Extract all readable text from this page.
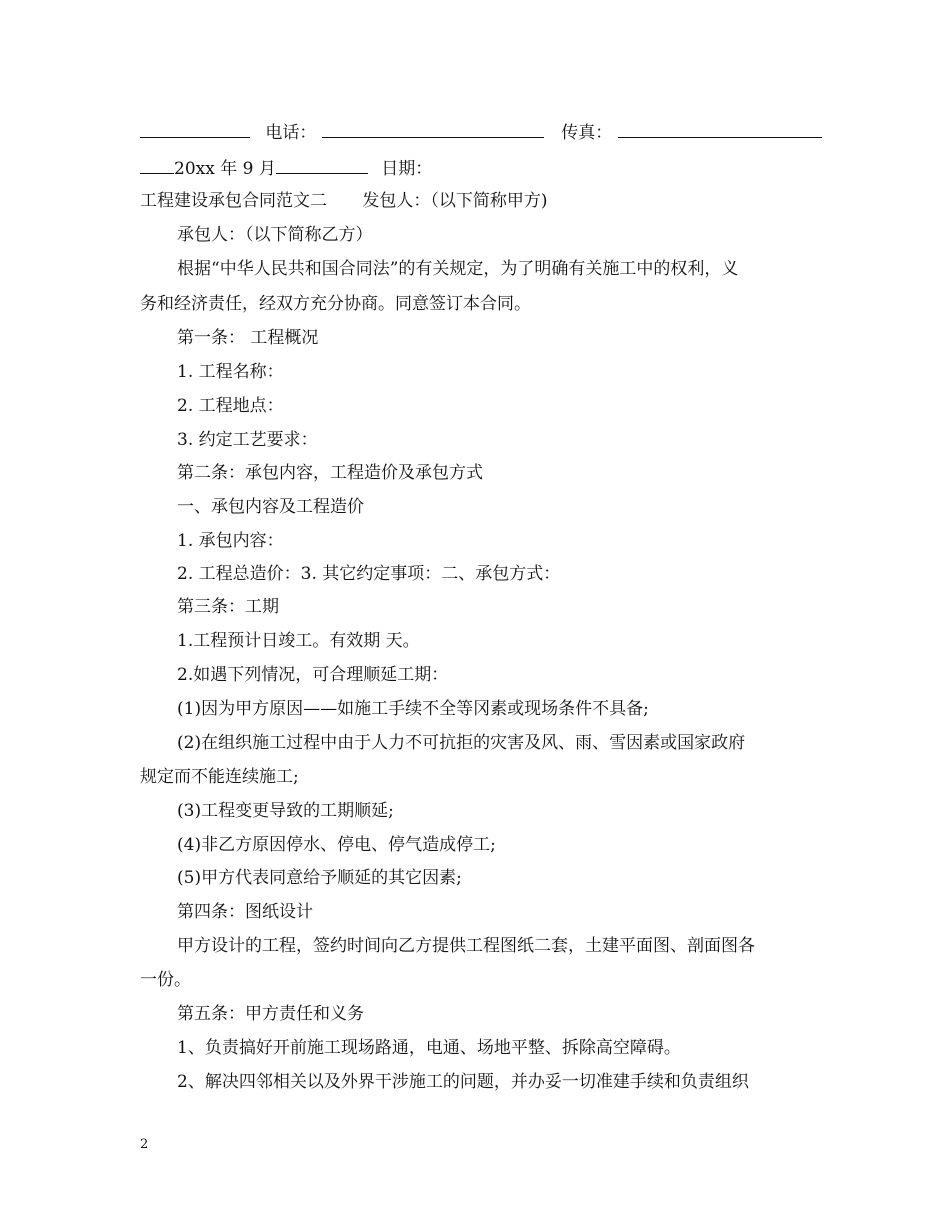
电话：	传真：
20xx 年 9 月	日期：
工程建设承包合同范文二 发包人：（以下简称甲方)
承包人：（以下简称乙方）
根据“中华人民共和国合同法”的有关规定，为了明确有关施工中的权利，义
务和经济责任，经双方充分协商。同意签订本合同。
第一条： 工程概况
1. 工程名称：
2. 工程地点：
3. 约定工艺要求：
第二条：承包内容，工程造价及承包方式
一、承包内容及工程造价
1. 承包内容：
2. 工程总造价：3. 其它约定事项：二、承包方式：
第三条：工期
1.工程预计日竣工。有效期 天。
2.如遇下列情况，可合理顺延工期：
(1)因为甲方原因——如施工手续不全等冈素或现场条件不具备;
(2)在组织施工过程中由于人力不可抗拒的灾害及风、雨、雪因素或国家政府
规定而不能连续施工;
(3)工程变更导致的工期顺延;
(4)非乙方原因停水、停电、停气造成停工;
(5)甲方代表同意给予顺延的其它因素;
第四条：图纸设计
甲方设计的工程，签约时间向乙方提供工程图纸二套，土建平面图、剖面图各
一份。
第五条：甲方责任和义务
1、负责搞好开前施工现场路通，电通、场地平整、拆除高空障碍。
2、解决四邻相关以及外界干涉施工的问题，并办妥一切准建手续和负责组织
2
